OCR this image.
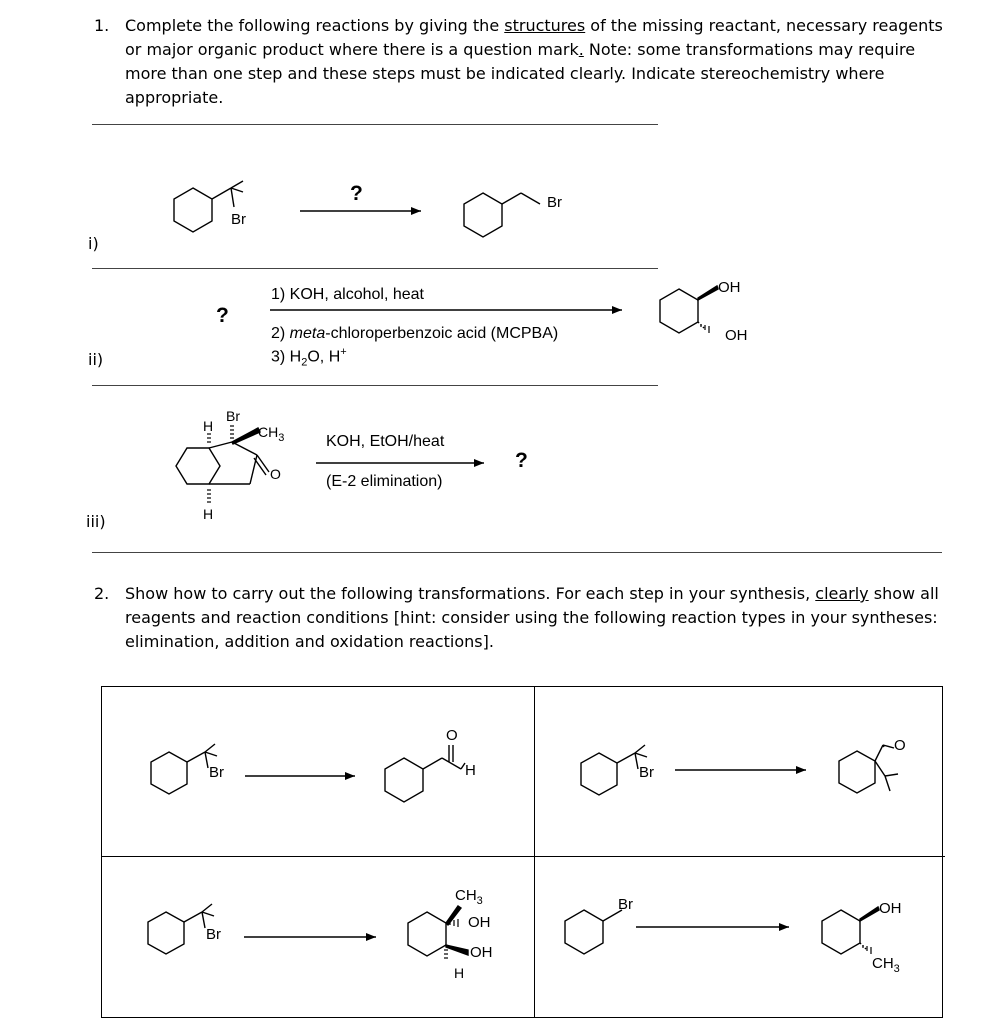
1. Complete the following reactions by giving the structures of the missing reactant, necessary reagents or major organic product where there is a question mark. Note: some transformations may require more than one step and these steps must be indicated clearly. Indicate stereochemistry where appropriate.
i)
ii)
iii)
Br
?	Br
?
1) KOH, alcohol, heat
2) meta-chloroperbenzoic acid (MCPBA)
3) $H_2O$, H+
OH
OH
H
Br
$CH_3$
O
H
KOH, EtOH/heat
(E-2 elimination)
?
2. Show how to carry out the following transformations. For each step in your synthesis, clearly show all reagents and reaction conditions [hint: consider using the following reaction types in your syntheses: elimination, addition and oxidation reactions].
Br
O
H	Br
O
Br
$CH_3$
OH
OH
H
Br	OH
$CH_3$
